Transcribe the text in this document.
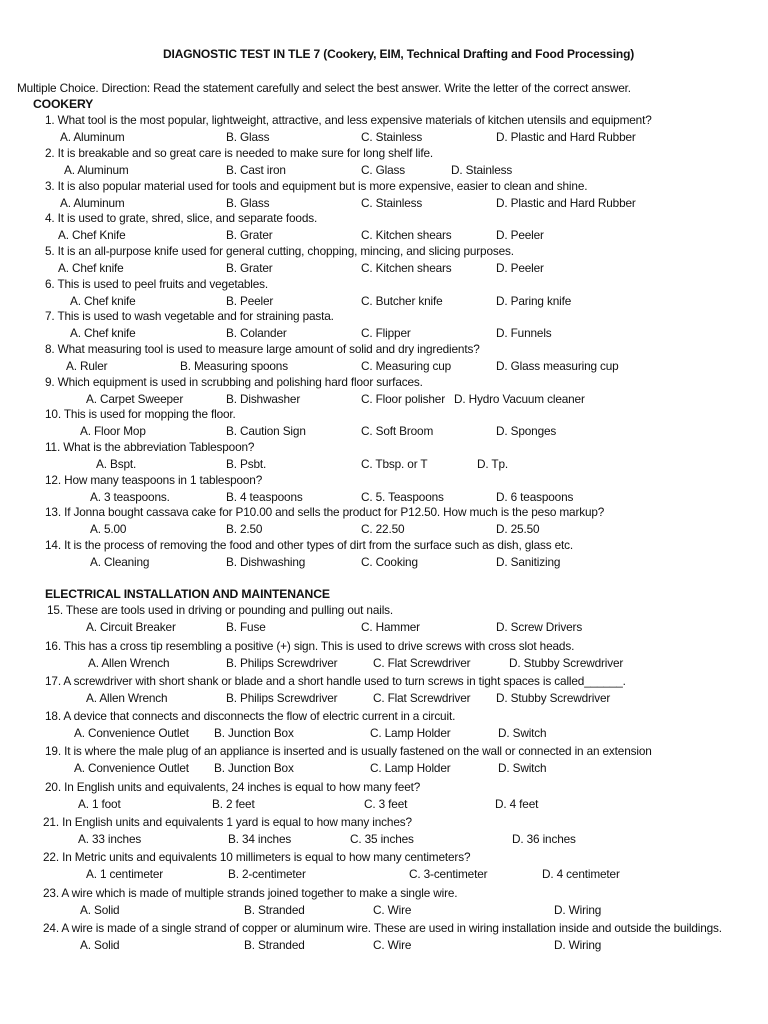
DIAGNOSTIC TEST IN TLE 7 (Cookery, EIM, Technical Drafting and Food Processing)
Multiple Choice. Direction: Read the statement carefully and select the best answer. Write the letter of the correct answer.
COOKERY
1. What tool is the most popular, lightweight, attractive, and less expensive materials of kitchen utensils and equipment?
A. Aluminum	B. Glass	C. Stainless	D. Plastic and Hard Rubber
2. It is breakable and so great care is needed to make sure for long shelf life.
A. Aluminum	B. Cast iron	C. Glass	D. Stainless
3. It is also popular material used for tools and equipment but is more expensive, easier to clean and shine.
A. Aluminum	B. Glass	C. Stainless	D. Plastic and Hard Rubber
4. It is used to grate, shred, slice, and separate foods.
A. Chef Knife	B. Grater	C. Kitchen shears	D. Peeler
5. It is an all-purpose knife used for general cutting, chopping, mincing, and slicing purposes.
A. Chef knife	B. Grater	C. Kitchen shears	D. Peeler
6. This is used to peel fruits and vegetables.
A. Chef knife	B. Peeler	C. Butcher knife	D. Paring knife
7. This is used to wash vegetable and for straining pasta.
A. Chef knife	B. Colander	C. Flipper	D. Funnels
8. What measuring tool is used to measure large amount of solid and dry ingredients?
A. Ruler	B. Measuring spoons	C. Measuring cup	D. Glass measuring cup
9. Which equipment is used in scrubbing and polishing hard floor surfaces.
A. Carpet Sweeper	B. Dishwasher	C. Floor polisher D. Hydro Vacuum cleaner
10. This is used for mopping the floor.
A. Floor Mop	B. Caution Sign	C. Soft Broom	D. Sponges
11. What is the abbreviation Tablespoon?
A. Bspt.	B. Psbt.	C. Tbsp. or T	D. Tp.
12. How many teaspoons in 1 tablespoon?
A. 3 teaspoons.	B. 4 teaspoons	C. 5. Teaspoons	D. 6 teaspoons
13. If Jonna bought cassava cake for P10.00 and sells the product for P12.50. How much is the peso markup?
A. 5.00	B. 2.50	C. 22.50	D. 25.50
14. It is the process of removing the food and other types of dirt from the surface such as dish, glass etc.
A. Cleaning	B. Dishwashing	C. Cooking	D. Sanitizing
ELECTRICAL INSTALLATION AND MAINTENANCE
15. These are tools used in driving or pounding and pulling out nails.
A. Circuit Breaker	B. Fuse	C. Hammer	D. Screw Drivers
16. This has a cross tip resembling a positive (+) sign. This is used to drive screws with cross slot heads.
A. Allen Wrench	B. Philips Screwdriver	C. Flat Screwdriver	D. Stubby Screwdriver
17. A screwdriver with short shank or blade and a short handle used to turn screws in tight spaces is called______.
A. Allen Wrench	B. Philips Screwdriver	C. Flat Screwdriver D. Stubby Screwdriver
18. A device that connects and disconnects the flow of electric current in a circuit.
A. Convenience Outlet B. Junction Box	C. Lamp Holder	D. Switch
19. It is where the male plug of an appliance is inserted and is usually fastened on the wall or connected in an extension
A. Convenience Outlet B. Junction Box	C. Lamp Holder	D. Switch
20. In English units and equivalents, 24 inches is equal to how many feet?
A. 1 foot	B. 2 feet	C. 3 feet	D. 4 feet
21. In English units and equivalents 1 yard is equal to how many inches?
A. 33 inches	B. 34 inches	C. 35 inches	D. 36 inches
22. In Metric units and equivalents 10 millimeters is equal to how many centimeters?
A. 1 centimeter	B. 2-centimeter	C. 3-centimeter	D. 4 centimeter
23. A wire which is made of multiple strands joined together to make a single wire.
A. Solid	B. Stranded	C. Wire	D. Wiring
24. A wire is made of a single strand of copper or aluminum wire. These are used in wiring installation inside and outside the buildings.
A. Solid	B. Stranded	C. Wire	D. Wiring
